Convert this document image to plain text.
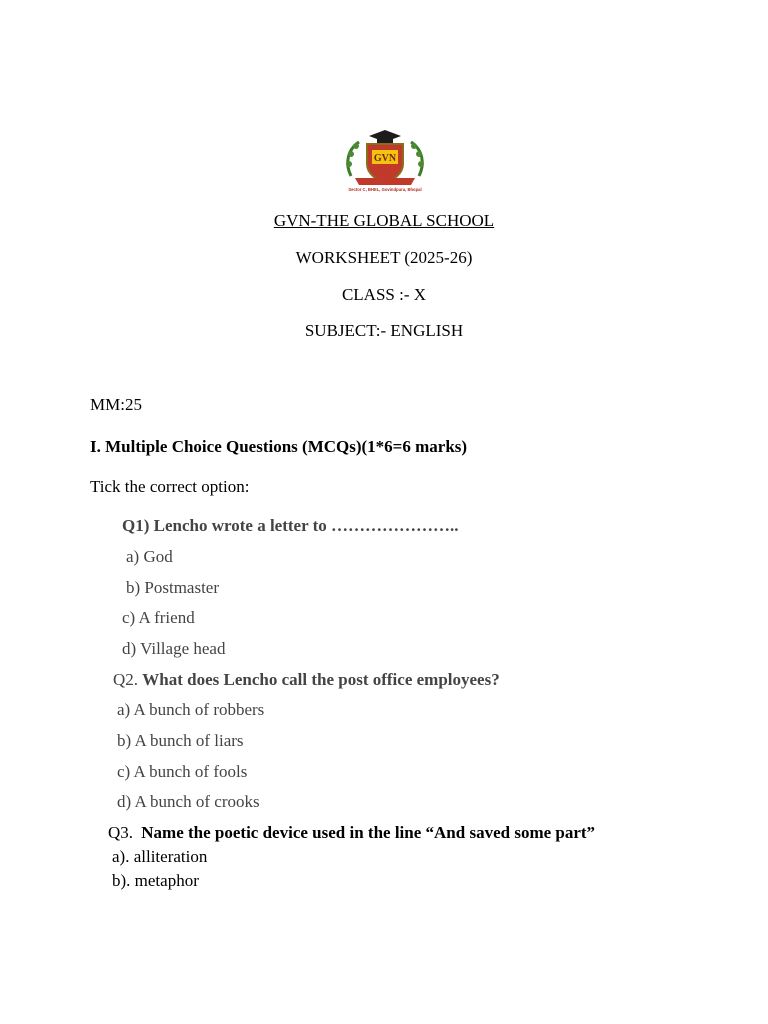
GVN
Sector C, BHEL, Govindpura, Bhopal
GVN-THE GLOBAL SCHOOL
WORKSHEET (2025-26)
CLASS :- X
SUBJECT:- ENGLISH
MM:25
I. Multiple Choice Questions (MCQs)(1*6=6 marks)
Tick the correct option:
Q1) Lencho wrote a letter to …………………..
a) God
b) Postmaster
c) A friend
d) Village head
Q2. What does Lencho call the post office employees?
a) A bunch of robbers
b) A bunch of liars
c) A bunch of fools
d) A bunch of crooks
Q3. Name the poetic device used in the line “And saved some part”
a). alliteration
b). metaphor
